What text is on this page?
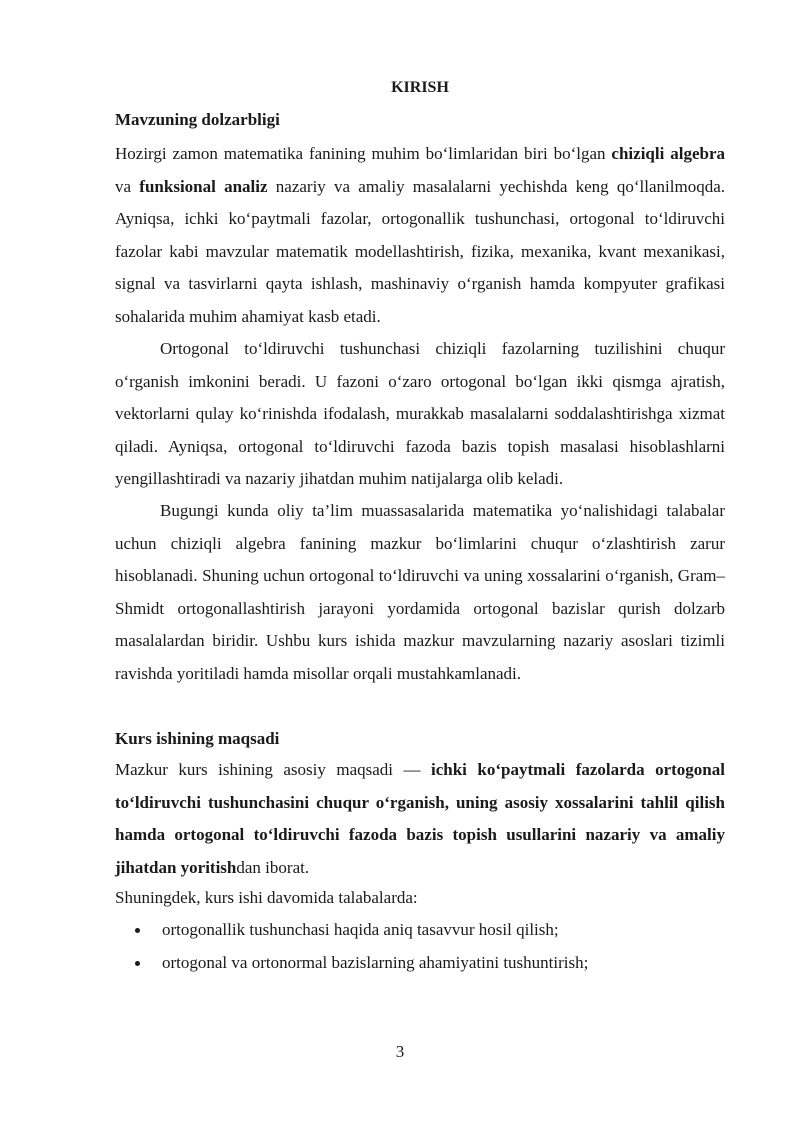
KIRISH
Mavzuning dolzarbligi

Hozirgi zamon matematika fanining muhim bo‘limlaridan biri bo‘lgan chiziqli algebra va funksional analiz nazariy va amaliy masalalarni yechishda keng qo‘llanilmoqda. Ayniqsa, ichki ko‘paytmali fazolar, ortogonallik tushunchasi, ortogonal to‘ldiruvchi fazolar kabi mavzular matematik modellashtirish, fizika, mexanika, kvant mexanikasi, signal va tasvirlarni qayta ishlash, mashinaviy o‘rganish hamda kompyuter grafikasi sohalarida muhim ahamiyat kasb etadi.

Ortogonal to‘ldiruvchi tushunchasi chiziqli fazolarning tuzilishini chuqur o‘rganish imkonini beradi. U fazoni o‘zaro ortogonal bo‘lgan ikki qismga ajratish, vektorlarni qulay ko‘rinishda ifodalash, murakkab masalalarni soddalashtirishga xizmat qiladi. Ayniqsa, ortogonal to‘ldiruvchi fazoda bazis topish masalasi hisoblashlarni yengillashtiradi va nazariy jihatdan muhim natijalarga olib keladi.

Bugungi kunda oliy ta’lim muassasalarida matematika yo‘nalishidagi talabalar uchun chiziqli algebra fanining mazkur bo‘limlarini chuqur o‘zlashtirish zarur hisoblanadi. Shuning uchun ortogonal to‘ldiruvchi va uning xossalarini o‘rganish, Gram–Shmidt ortogonallashtirish jarayoni yordamida ortogonal bazislar qurish dolzarb masalalardan biridir. Ushbu kurs ishida mazkur mavzularning nazariy asoslari tizimli ravishda yoritiladi hamda misollar orqali mustahkamlanadi.

Kurs ishining maqsadi

Mazkur kurs ishining asosiy maqsadi — ichki ko‘paytmali fazolarda ortogonal to‘ldiruvchi tushunchasini chuqur o‘rganish, uning asosiy xossalarini tahlil qilish hamda ortogonal to‘ldiruvchi fazoda bazis topish usullarini nazariy va amaliy jihatdan yoritishdan iborat.

Shuningdek, kurs ishi davomida talabalarda:

ortogonallik tushunchasi haqida aniq tasavvur hosil qilish;
ortogonal va ortonormal bazislarning ahamiyatini tushuntirish;
3
